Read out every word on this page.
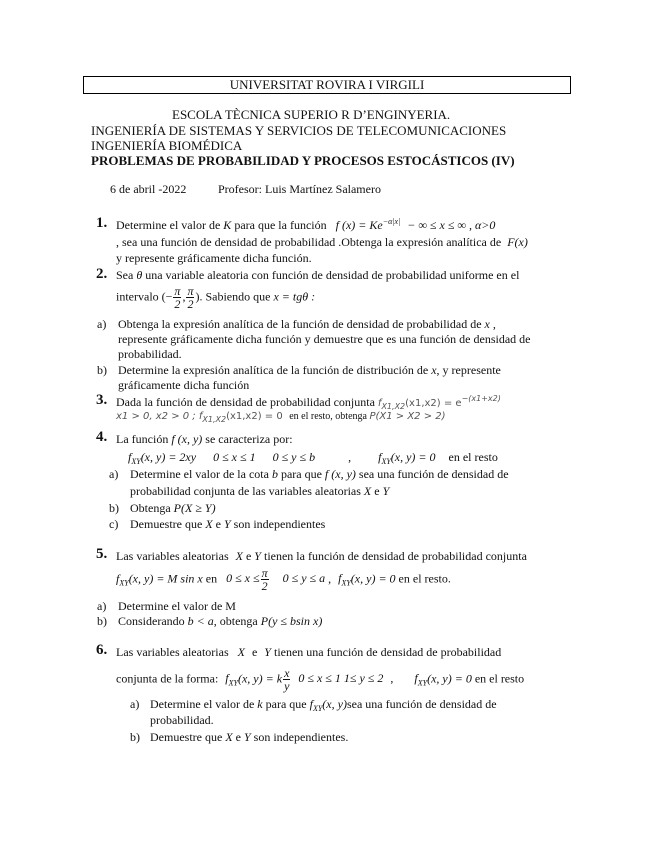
UNIVERSITAT ROVIRA I VIRGILI
ESCOLA TÈCNICA SUPERIO R D’ENGINYERIA.
INGENIERÍA DE SISTEMAS Y SERVICIOS DE TELECOMUNICACIONES
INGENIERÍA BIOMÉDICA
PROBLEMAS DE PROBABILIDAD Y PROCESOS ESTOCÁSTICOS (IV)
6 de abril -2022	Profesor: Luis Martínez Salamero
1. Determine el valor de K para que la función f $(x) = Ke^{-\alpha|x|}$ − ∞ ≤ x ≤ ∞ , α>0
, sea una función de densidad de probabilidad .Obtenga la expresión analítica de F(x)
y represente gráficamente dicha función.
2. Sea θ una variable aleatoria con función de densidad de probabilidad uniforme en el
intervalo (− $\frac{\pi}{2}$ , $\frac{\pi}{2}$ ). Sabiendo que x = tgθ :
a) Obtenga la expresión analítica de la función de densidad de probabilidad de x ,
represente gráficamente dicha función y demuestre que es una función de densidad de
probabilidad.
b) Determine la expresión analítica de la función de distribución de x, y represente
gráficamente dicha función
3. Dada la función de densidad de probabilidad conjunta $f_{X1,X2}(x1,x2) = e^{-(x1+x2)}$
x1 > 0, x2 > 0 ; $f_{X1,X2}(x1,x2) = 0$ en el resto, obtenga P(X1 > X2 > 2)
4. La función f (x, y) se caracteriza por:
$f_{XY}(x$, y) = 2xy 0 ≤ x ≤ 1 0 ≤ y ≤ b	, $f_{XY}(x$, y) = 0 en el resto
a) Determine el valor de la cota b para que f (x, y) sea una función de densidad de
probabilidad conjunta de las variables aleatorias X e Y
b) Obtenga P(X ≥ Y)
c) Demuestre que X e Y son independientes
5. Las variables aleatorias X e Y tienen la función de densidad de probabilidad conjunta
$f_{XY}(x$, y) = M sin x en $0 \le x \le \frac{\pi}{2} 0 \le y \le a$ , $f_{XY}(x$, y) = 0 en el resto.
a) Determine el valor de M
b) Considerando b < a, obtenga P(y ≤ bsin x)
6. Las variables aleatorias X e Y tienen una función de densidad de probabilidad
conjunta de la forma: $f_{XY}(x$, y) = k $\frac{x}{y} 0 \le x \le 1$ 1≤ y ≤ 2 , $f_{XY}(x$, y) = 0 en el resto
a) Determine el valor de k para que $f_{XY}(x$, y)sea una función de densidad de
probabilidad.
b) Demuestre que X e Y son independientes.
